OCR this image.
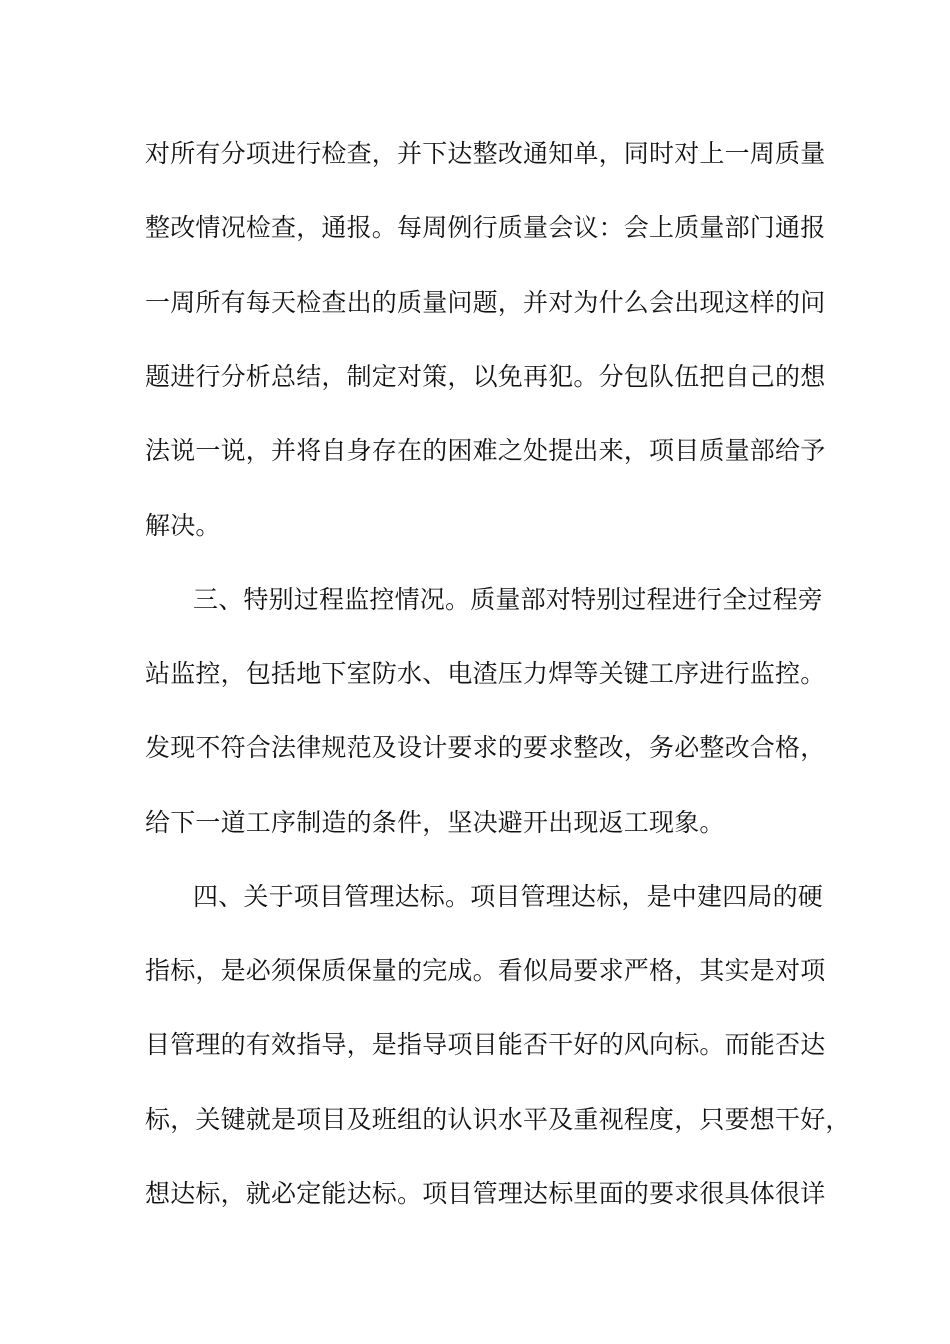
对所有分项进行检查，并下达整改通知单，同时对上一周质量
整改情况检查，通报。每周例行质量会议：会上质量部门通报
一周所有每天检查出的质量问题，并对为什么会出现这样的问
题进行分析总结，制定对策，以免再犯。分包队伍把自己的想
法说一说，并将自身存在的困难之处提出来，项目质量部给予
解决。
三、特别过程监控情况。质量部对特别过程进行全过程旁
站监控，包括地下室防水、电渣压力焊等关键工序进行监控。
发现不符合法律规范及设计要求的要求整改，务必整改合格，
给下一道工序制造的条件，坚决避开出现返工现象。
四、关于项目管理达标。项目管理达标，是中建四局的硬
指标，是必须保质保量的完成。看似局要求严格，其实是对项
目管理的有效指导，是指导项目能否干好的风向标。而能否达
标，关键就是项目及班组的认识水平及重视程度，只要想干好，
想达标，就必定能达标。项目管理达标里面的要求很具体很详
